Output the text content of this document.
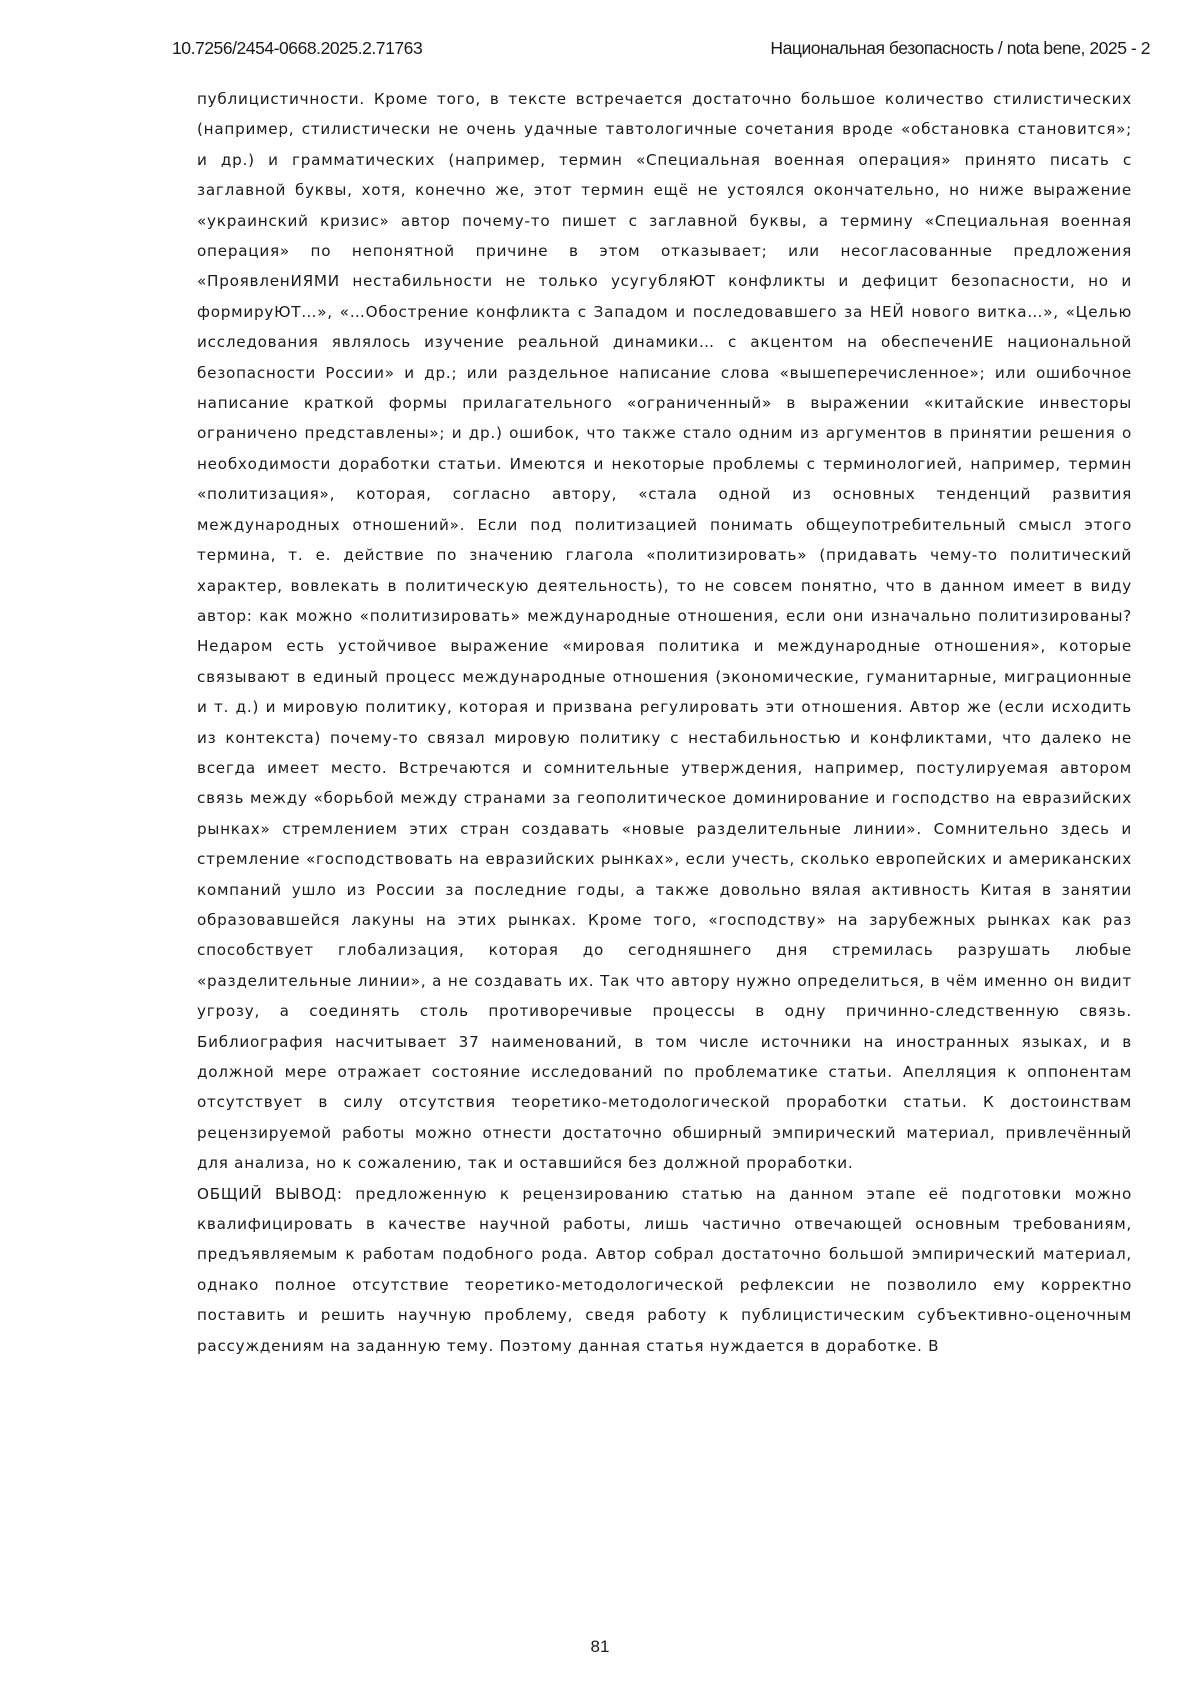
10.7256/2454-0668.2025.2.71763	Национальная безопасность / nota bene, 2025 - 2

публицистичности. Кроме того, в тексте встречается достаточно большое количество стилистических (например, стилистически не очень удачные тавтологичные сочетания вроде «обстановка становится»; и др.) и грамматических (например, термин «Специальная военная операция» принято писать с заглавной буквы, хотя, конечно же, этот термин ещё не устоялся окончательно, но ниже выражение «украинский кризис» автор почему-то пишет с заглавной буквы, а термину «Специальная военная операция» по непонятной причине в этом отказывает; или несогласованные предложения «ПроявленИЯМИ нестабильности не только усугубляЮТ конфликты и дефицит безопасности, но и формируЮТ…», «…Обострение конфликта с Западом и последовавшего за НЕЙ нового витка…», «Целью исследования являлось изучение реальной динамики… с акцентом на обеспеченИЕ национальной безопасности России» и др.; или раздельное написание слова «вышеперечисленное»; или ошибочное написание краткой формы прилагательного «ограниченный» в выражении «китайские инвесторы ограничено представлены»; и др.) ошибок, что также стало одним из аргументов в принятии решения о необходимости доработки статьи. Имеются и некоторые проблемы с терминологией, например, термин «политизация», которая, согласно автору, «стала одной из основных тенденций развития международных отношений». Если под политизацией понимать общеупотребительный смысл этого термина, т. е. действие по значению глагола «политизировать» (придавать чему-то политический характер, вовлекать в политическую деятельность), то не совсем понятно, что в данном имеет в виду автор: как можно «политизировать» международные отношения, если они изначально политизированы? Недаром есть устойчивое выражение «мировая политика и международные отношения», которые связывают в единый процесс международные отношения (экономические, гуманитарные, миграционные и т. д.) и мировую политику, которая и призвана регулировать эти отношения. Автор же (если исходить из контекста) почему-то связал мировую политику с нестабильностью и конфликтами, что далеко не всегда имеет место. Встречаются и сомнительные утверждения, например, постулируемая автором связь между «борьбой между странами за геополитическое доминирование и господство на евразийских рынках» стремлением этих стран создавать «новые разделительные линии». Сомнительно здесь и стремление «господствовать на евразийских рынках», если учесть, сколько европейских и американских компаний ушло из России за последние годы, а также довольно вялая активность Китая в занятии образовавшейся лакуны на этих рынках. Кроме того, «господству» на зарубежных рынках как раз способствует глобализация, которая до сегодняшнего дня стремилась разрушать любые «разделительные линии», а не создавать их. Так что автору нужно определиться, в чём именно он видит угрозу, а соединять столь противоречивые процессы в одну причинно-следственную связь. Библиография насчитывает 37 наименований, в том числе источники на иностранных языках, и в должной мере отражает состояние исследований по проблематике статьи. Апелляция к оппонентам отсутствует в силу отсутствия теоретико-методологической проработки статьи. К достоинствам рецензируемой работы можно отнести достаточно обширный эмпирический материал, привлечённый для анализа, но к сожалению, так и оставшийся без должной проработки.

ОБЩИЙ ВЫВОД: предложенную к рецензированию статью на данном этапе её подготовки можно квалифицировать в качестве научной работы, лишь частично отвечающей основным требованиям, предъявляемым к работам подобного рода. Автор собрал достаточно большой эмпирический материал, однако полное отсутствие теоретико-методологической рефлексии не позволило ему корректно поставить и решить научную проблему, сведя работу к публицистическим субъективно-оценочным рассуждениям на заданную тему. Поэтому данная статья нуждается в доработке. В

81
